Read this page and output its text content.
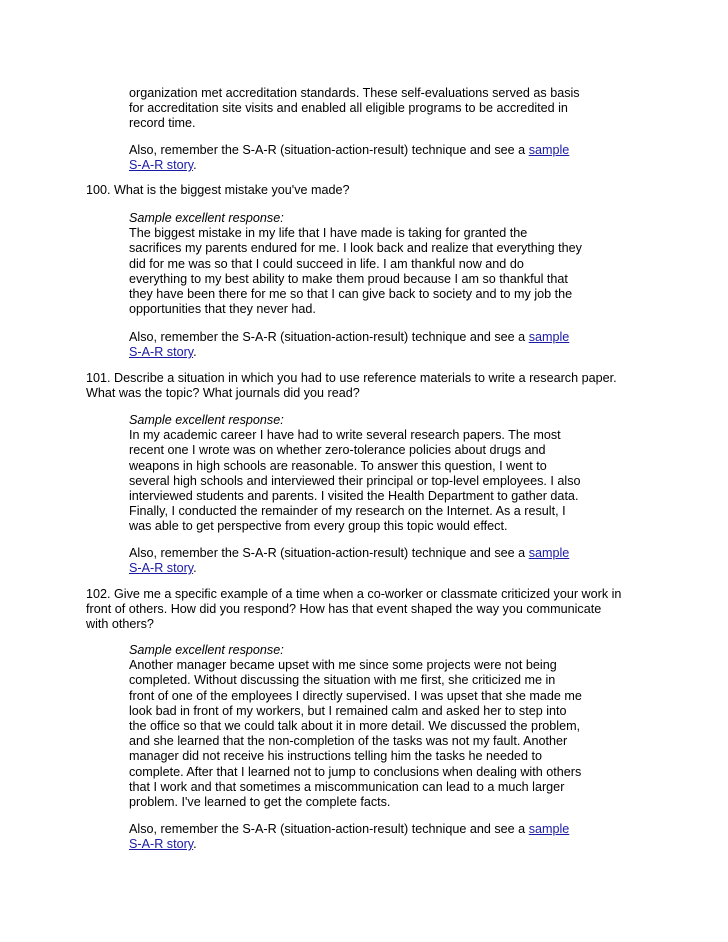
organization met accreditation standards. These self-evaluations served as basis
for accreditation site visits and enabled all eligible programs to be accredited in
record time.

Also, remember the S-A-R (situation-action-result) technique and see a sample
S-A-R story.

100. What is the biggest mistake you've made?

Sample excellent response:
The biggest mistake in my life that I have made is taking for granted the
sacrifices my parents endured for me. I look back and realize that everything they
did for me was so that I could succeed in life. I am thankful now and do
everything to my best ability to make them proud because I am so thankful that
they have been there for me so that I can give back to society and to my job the
opportunities that they never had.

Also, remember the S-A-R (situation-action-result) technique and see a sample
S-A-R story.

101. Describe a situation in which you had to use reference materials to write a research paper.
What was the topic? What journals did you read?

Sample excellent response:
In my academic career I have had to write several research papers. The most
recent one I wrote was on whether zero-tolerance policies about drugs and
weapons in high schools are reasonable. To answer this question, I went to
several high schools and interviewed their principal or top-level employees. I also
interviewed students and parents. I visited the Health Department to gather data.
Finally, I conducted the remainder of my research on the Internet. As a result, I
was able to get perspective from every group this topic would effect.

Also, remember the S-A-R (situation-action-result) technique and see a sample
S-A-R story.

102. Give me a specific example of a time when a co-worker or classmate criticized your work in
front of others. How did you respond? How has that event shaped the way you communicate
with others?

Sample excellent response:
Another manager became upset with me since some projects were not being
completed. Without discussing the situation with me first, she criticized me in
front of one of the employees I directly supervised. I was upset that she made me
look bad in front of my workers, but I remained calm and asked her to step into
the office so that we could talk about it in more detail. We discussed the problem,
and she learned that the non-completion of the tasks was not my fault. Another
manager did not receive his instructions telling him the tasks he needed to
complete. After that I learned not to jump to conclusions when dealing with others
that I work and that sometimes a miscommunication can lead to a much larger
problem. I've learned to get the complete facts.

Also, remember the S-A-R (situation-action-result) technique and see a sample
S-A-R story.
